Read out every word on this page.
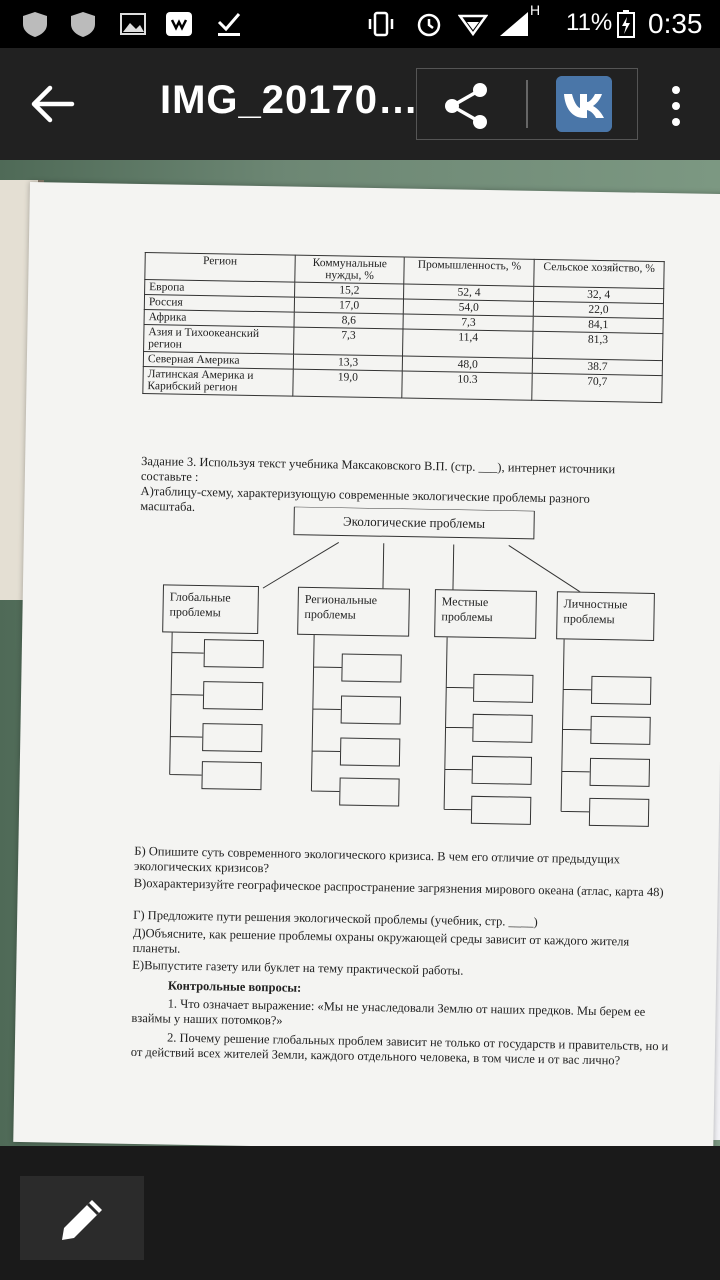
H 11% 0:35
IMG_20170…
Регион	Коммунальные нужды, %	Промышленность, %	Сельское хозяйство, %
Европа	15,2	52, 4	32, 4
Россия	17,0	54,0	22,0
Африка	8,6	7,3	84,1
Азия и Тихоокеанский регион	7,3	11,4	81,3
Северная Америка	13,3	48,0	38.7
Латинская Америка и Карибский регион	19,0	10.3	70,7
Задание 3. Используя текст учебника Максаковского В.П. (стр. ___), интернет источники составьте :
А)таблицу-схему, характеризующую современные экологические проблемы разного масштаба.
Экологические проблемы
Глобальные проблемы
Региональные проблемы
Местные проблемы
Личностные проблемы
Б) Опишите суть современного экологического кризиса. В чем его отличие от предыдущих экологических кризисов?
В)охарактеризуйте географическое распространение загрязнения мирового океана (атлас, карта 48)
Г) Предложите пути решения экологической проблемы (учебник, стр. ____)
Д)Объясните, как решение проблемы охраны окружающей среды зависит от каждого жителя планеты.
Е)Выпустите газету или буклет на тему практической работы.
Контрольные вопросы:
1. Что означает выражение: «Мы не унаследовали Землю от наших предков. Мы берем ее взаймы у наших потомков?»
2. Почему решение глобальных проблем зависит не только от государств и правительств, но и от действий всех жителей Земли, каждого отдельного человека, в том числе и от вас лично?
